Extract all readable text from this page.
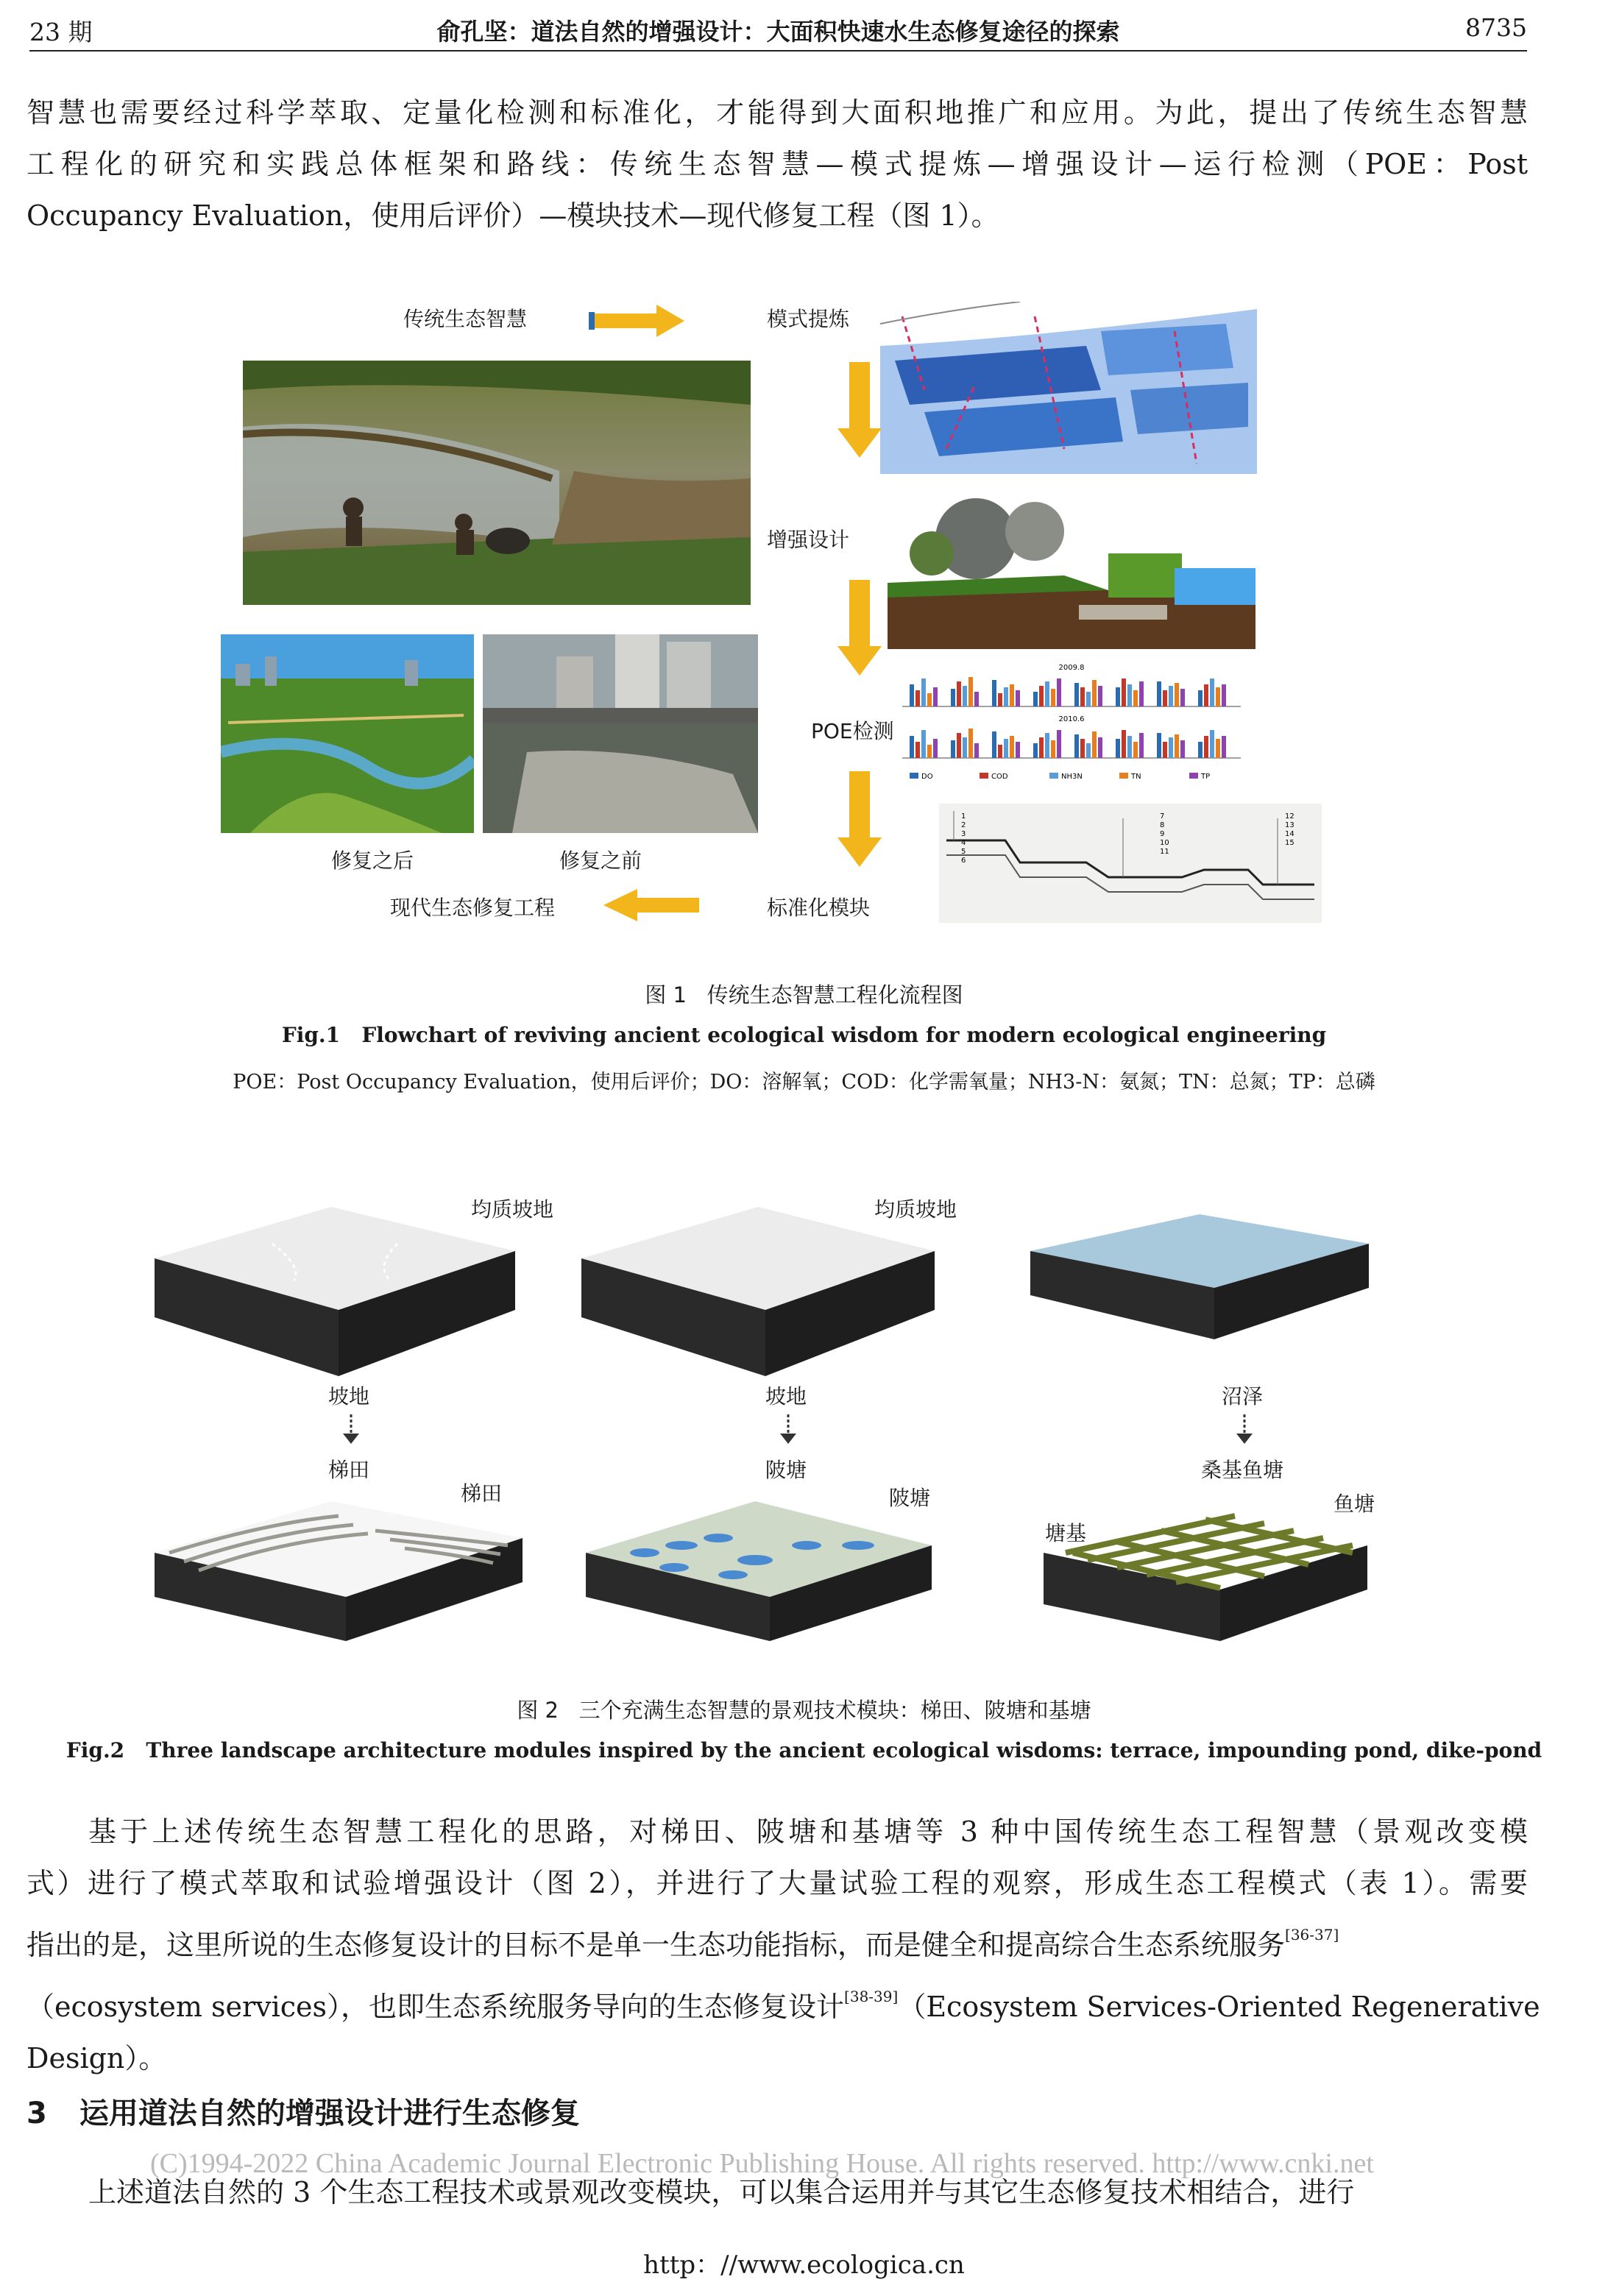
23 期	俞孔坚：道法自然的增强设计：大面积快速水生态修复途径的探索	8735
智慧也需要经过科学萃取、定量化检测和标准化，才能得到大面积地推广和应用。为此，提出了传统生态智慧
工程化的研究和实践总体框架和路线：传统生态智慧—模式提炼—增强设计—运行检测（POE：Post
Occupancy Evaluation，使用后评价）—模块技术—现代修复工程（图 1）。
传统生态智慧	模式提炼
修复之后	修复之前
增强设计
POE检测
2009.8
2010.6
DO	COD	NH3N	TN	TP
1
2
3
4
5
6
7
8
9
10
11
12
13
14
15
标准化模块
现代生态修复工程
图 1 传统生态智慧工程化流程图
Fig.1 Flowchart of reviving ancient ecological wisdom for modern ecological engineering
POE：Post Occupancy Evaluation，使用后评价；DO：溶解氧；COD：化学需氧量；NH3-N：氨氮；TN：总氮；TP：总磷
均质坡地	均质坡地
坡地	坡地	沼泽
梯田	陂塘	桑基鱼塘
梯田	陂塘
塘基
鱼塘
图 2 三个充满生态智慧的景观技术模块：梯田、陂塘和基塘
Fig.2 Three landscape architecture modules inspired by the ancient ecological wisdoms: terrace, impounding pond, dike-pond
基于上述传统生态智慧工程化的思路，对梯田、陂塘和基塘等 3 种中国传统生态工程智慧（景观改变模
式）进行了模式萃取和试验增强设计（图 2），并进行了大量试验工程的观察，形成生态工程模式（表 1）。需要
指出的是，这里所说的生态修复设计的目标不是单一生态功能指标，而是健全和提高综合生态系统服务[36-37]
（ecosystem services），也即生态系统服务导向的生态修复设计[38-39]（Ecosystem Services-Oriented Regenerative
Design）。
3 运用道法自然的增强设计进行生态修复
(C)1994-2022 China Academic Journal Electronic Publishing House. All rights reserved. http://www.cnki.net
上述道法自然的 3 个生态工程技术或景观改变模块，可以集合运用并与其它生态修复技术相结合，进行
http：//www.ecologica.cn
